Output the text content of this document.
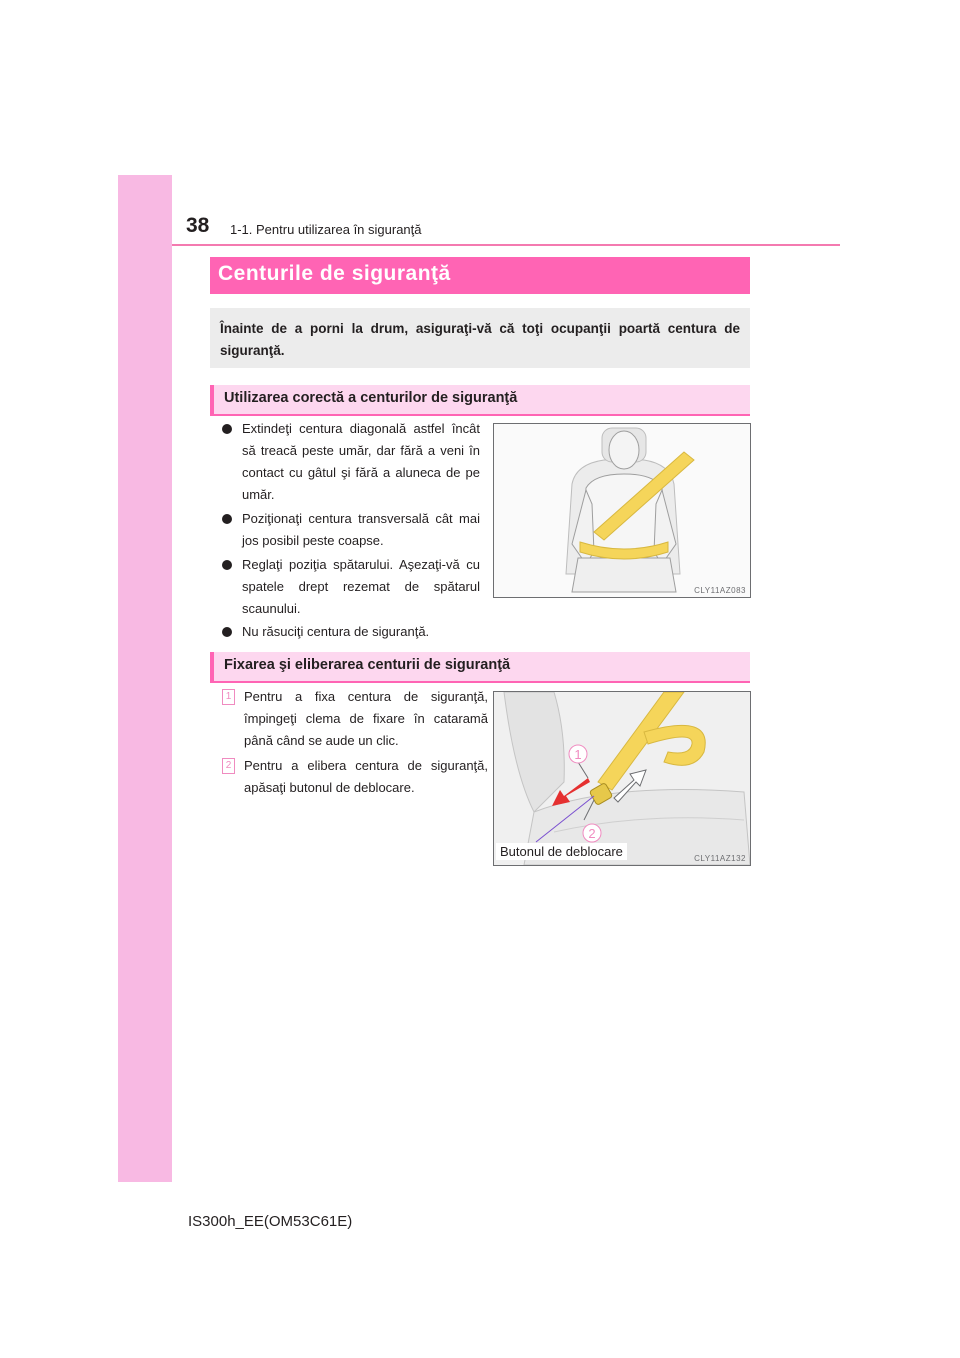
38 1-1. Pentru utilizarea în siguranţă
Centurile de siguranţă

Înainte de a porni la drum, asiguraţi-vă că toţi ocupanţii poartă centura de siguranţă.

Utilizarea corectă a centurilor de siguranţă
Extindeţi centura diagonală astfel încât să treacă peste umăr, dar fără a veni în contact cu gâtul şi fără a aluneca de pe umăr.
Poziţionaţi centura transversală cât mai jos posibil peste coapse.
Reglaţi poziţia spătarului. Aşezaţi-vă cu spatele drept rezemat de spătarul scaunului.
Nu răsuciţi centura de siguranţă.
CLY11AZ083
Fixarea şi eliberarea centurii de siguranţă
1 Pentru a fixa centura de siguranţă, împingeţi clema de fixare în cataramă până când se aude un clic.
2 Pentru a elibera centura de siguranţă, apăsaţi butonul de deblocare.
1
2
CLY11AZ132
Butonul de deblocare
IS300h_EE(OM53C61E)
